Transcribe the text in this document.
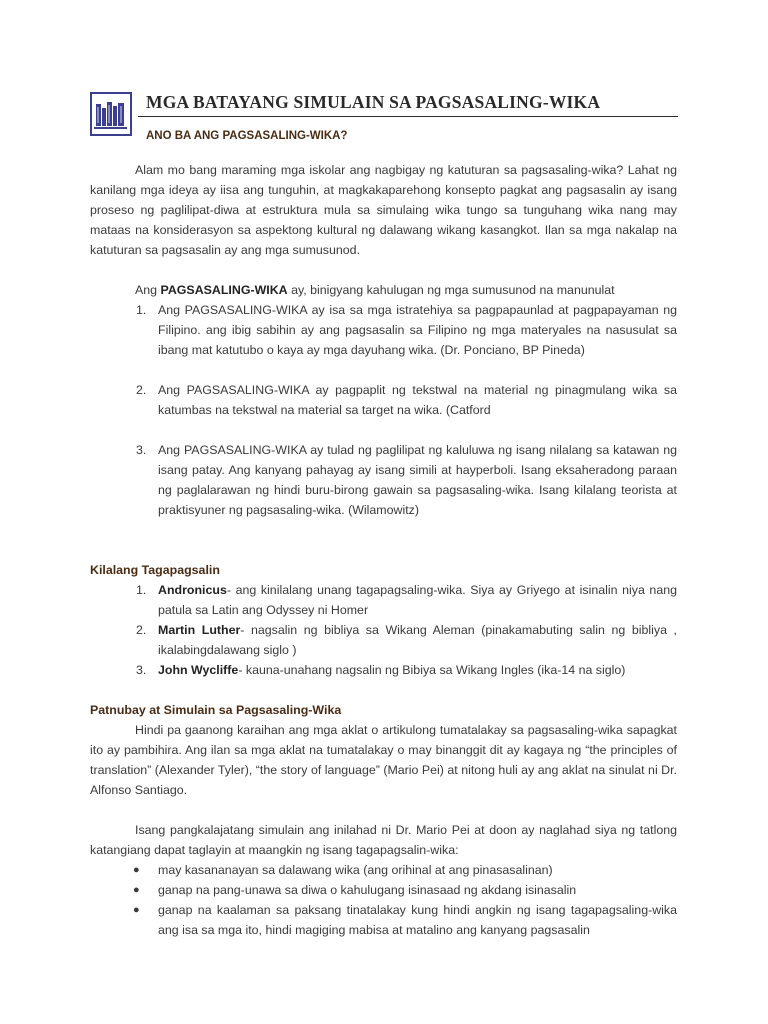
MGA BATAYANG SIMULAIN SA PAGSASALING-WIKA
ANO BA ANG PAGSASALING-WIKA?

Alam mo bang maraming mga iskolar ang nagbigay ng katuturan sa pagsasaling-wika? Lahat ng kanilang mga ideya ay iisa ang tunguhin, at magkakapareho​ng konsepto pagkat ang pagsasalin ay isang proseso ng paglilipat-diwa at estruktura mula sa simulaing wika tungo sa tunguhang wika nang may mataas na konsiderasyon sa aspektong kultural ng dalawang wikang kasangkot. Ilan sa mga nakalap na katuturan sa pagsasalin ay ang mga sumusunod.

Ang PAGSASALING-WIKA ay, binigyang kahulugan ng mga sumusunod na manunulat

1. Ang PAGSASALING-WIKA ay isa sa mga istratehiya sa pagpapaunlad at pagpapayaman ng Filipino. ang ibig sabihin ay ang pagsasalin sa Filipino ng mga materyales na nasusulat sa ibang mat katutubo o kaya ay mga dayuhang wika. (Dr. Ponciano, BP Pineda)

2. Ang PAGSASALING-WIKA ay pagpaplit ng tekstwal na material ng pinagmulang wika sa katumbas na tekstwal na material sa target na wika. (Catford

3. Ang PAGSASALING-WIKA ay tulad ng paglilipat ng kaluluwa ng isang nilalang sa katawan ng isang patay. Ang kanyang pahayag ay isang simili at hayperboli. Isang eksaheradong paraan ng paglalarawan ng hindi buru-birong gawain sa pagsasaling-wika. Isang kilalang teorista at praktisyuner ng pagsasaling-wika. (Wilamowitz)

Kilalang Tagapagsalin

1. Andronicus- ang kinilalang unang tagapagsaling-wika. Siya ay Griyego at isinalin niya nang patula sa Latin ang Odyssey ni Homer

2. Martin Luther- nagsalin ng bibliya sa Wikang Aleman (pinakamabuting salin ng bibliya , ikalabingdalawang siglo )

3. John Wycliffe- kauna-unahang nagsalin ng Bibiya sa Wikang Ingles (ika-14 na siglo)

Patnubay at Simulain sa Pagsasaling-Wika

Hindi pa gaanong karaihan ang mga aklat o artikulong tumatalakay sa pagsasaling-wika sapagkat ito ay pambihira. Ang ilan sa mga aklat na tumatalakay o may binanggit dit ay kagaya ng “the principles of translation” (Alexander Tyler), “the story of language” (Mario Pei) at nitong huli ay ang aklat na sinulat ni Dr. Alfonso Santiago.

Isang pangkalajatang simulain ang inilahad ni Dr. Mario Pei at doon ay naglahad siya ng tatlong katangiang dapat taglayin at maangkin ng isang tagapagsalin-wika:

● may kasananayan sa dalawang wika (ang orihinal at ang pinasasalinan)

● ganap na pang-unawa sa diwa o kahulugang isinasaad ng akdang isinasalin

● ganap na kaalaman sa paksang tinatalakay kung hindi angkin ng isang tagapagsaling-wika ang isa sa mga ito, hindi magiging mabisa at matalino ang kanyang pagsasalin
